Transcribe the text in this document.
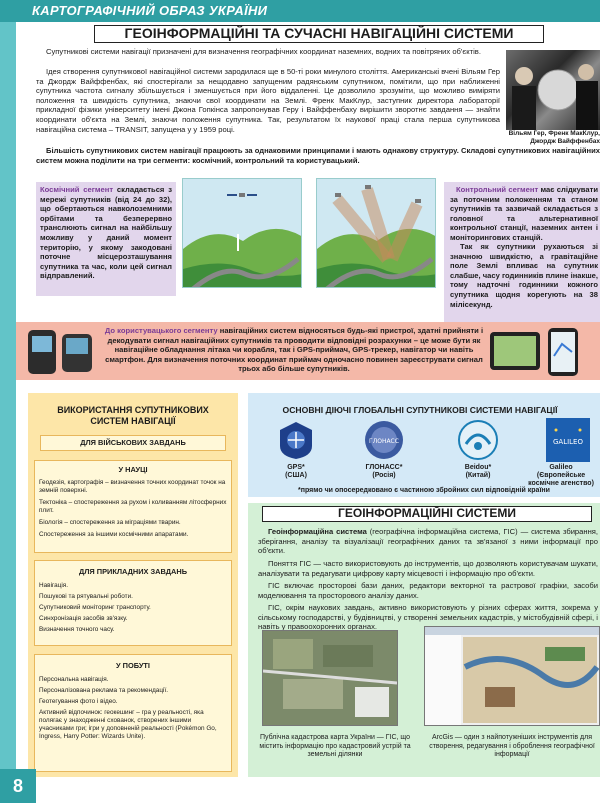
КАРТОГРАФІЧНИЙ ОБРАЗ УКРАЇНИ
ГЕОІНФОРМАЦІЙНІ ТА СУЧАСНІ НАВІГАЦІЙНІ СИСТЕМИ
Супутникові системи навігації призначені для визначення географічних координат наземних, водних та повітряних об'єктів.
Ідея створення супутникової навігаційної системи зародилася ще в 50-ті роки минулого століття. Американські вчені Вільям Гер та Джордж Вайффенбах, які спостерігали за нещодавно запущеним радянським супутником, помітили, що при наближенні супутника частота сигналу збільшується і зменшується при його віддаленні. Це дозволило зрозуміти, що можливо виміряти положення та швидкість супутника, знаючи свої координати на Землі. Френк МакКлур, заступник директора лабораторії прикладної фізики університету імені Джона Гопкінса запропонував Геру і Вайффенбаху вирішити зворотнє завдання — знайти координати об'єкта на Землі, знаючи положення супутника. Так, результатом їх наукової праці стала перша супутникова навігаційна система – TRANSIT, запущена у у 1959 році.	Вільям Гер, Френк МакКлур, Джордж Вайффенбах
Більшість супутникових систем навігації працюють за однаковими принципами і мають однакову структуру. Складові супутникових навігаційних систем можна поділити на три сегменти: космічний, контрольний та користувацький.
Космічний сегмент складається з мережі супутників (від 24 до 32), що обертаються навколоземними орбітами та безперервно транслюють сигнал на найбільшу можливу у даний момент територію, у якому закодовані поточне місцерозташування супутника та час, коли цей сигнал відправлений.
Контрольний сегмент має слідкувати за поточним положенням та станом супутників та зазвичай складається з головної та альтернативної контрольної станції, наземних антен і моніторингових станцій.
Так як супутники рухаються зі значною швидкістю, а гравітаційне поле Землі впливає на супутник слабше, часу годинників плине інакше, тому надточні годинники кожного супутника щодня корегують на 38 мілісекунд.
До користувацького сегменту навігаційних систем відносяться будь-які пристрої, здатні прийняти і декодувати сигнал навігаційних супутників та проводити відповідні розрахунки – це може бути як навігаційне обладнання літака чи корабля, так і GPS-приймач, GPS-трекер, навігатор чи навіть смартфон. Для визначення поточних координат приймач одночасно повинен зареєструвати сигнал трьох або більше супутників.
ВИКОРИСТАННЯ СУПУТНИКОВИХ СИСТЕМ НАВІГАЦІЇ
ДЛЯ ВІЙСЬКОВИХ ЗАВДАНЬ
У НАУЦІ
Геодезія, картографія – визначення точних координат точок на земній поверхні.
Тектоніка – спостереження за рухом і коливанням літосферних плит.
Біологія – спостереження за міграціями тварин.
Спостереження за іншими космічними апаратами.
ДЛЯ ПРИКЛАДНИХ ЗАВДАНЬ
Навігація.
Пошукові та рятувальні роботи.
Супутниковий моніторинг транспорту.
Синхронізація засобів зв'язку.
Визначення точного часу.
У ПОБУТІ
Персональна навігація.
Персоналізована реклама та рекомендації.
Геотегування фото і відео.
Активний відпочинок: геокешинг – гра у реальності, яка полягає у знаходженні схованок, створених іншими учасниками гри; ігри у доповненій реальності (Pokémon Go, Ingress, Harry Potter: Wizards Unite).
ОСНОВНІ ДІЮЧІ ГЛОБАЛЬНІ СУПУТНИКОВІ СИСТЕМИ НАВІГАЦІЇ
ГЛОНАСС	GALILEO
GPS*
(США)
ГЛОНАСС*
(Росія)
Beidou*
(Китай)
Galileo
(Європейське космічне агенство)
*прямо чи опосередковано є частиною збройних сил відповідній країни
ГЕОІНФОРМАЦІЙНІ СИСТЕМИ
Геоінформаційна система (географічна інформаційна система, ГІС) — система збирання, зберігання, аналізу та візуалізації географічних даних та зв'язаної з ними інформації про об'єкти.
Поняття ГІС — часто використовують до інструментів, що дозволяють користувачам шукати, аналізувати та редагувати цифрову карту місцевості і інформацію про об'єкти.
ГІС включає просторові бази даних, редактори векторної та растрової графіки, засоби моделювання та просторового аналізу даних.
ГІС, окрім наукових завдань, активно використовують у різних сферах життя, зокрема у сільському господарстві, у будівництві, у створенні земельних кадастрів, у містобудівній сфері, і навіть у правоохоронних органах.
Публічна кадастрова карта України — ГІС, що містить інформацію про кадастровий устрій та земельні ділянки
ArcGis — один з найпотужніших інструментів для створення, редагування і оброблення географічної інформації
8
